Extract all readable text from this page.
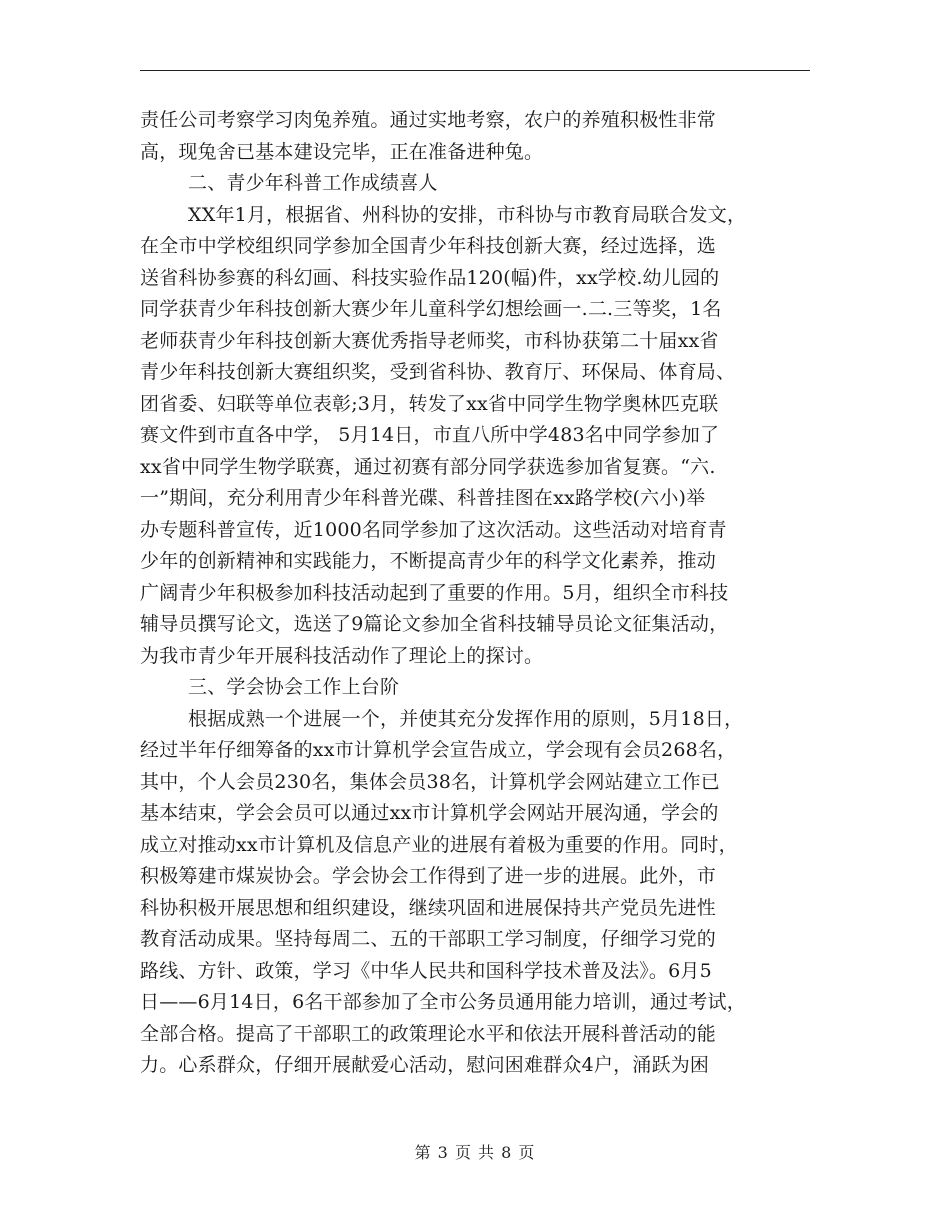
责任公司考察学习肉兔养殖。通过实地考察，农户的养殖积极性非常
高，现兔舍已基本建设完毕，正在准备进种兔。
二、青少年科普工作成绩喜人
XX年1月，根据省、州科协的安排，市科协与市教育局联合发文，
在全市中学校组织同学参加全国青少年科技创新大赛，经过选择，选
送省科协参赛的科幻画、科技实验作品120(幅)件，xx学校.幼儿园的
同学获青少年科技创新大赛少年儿童科学幻想绘画一.二.三等奖，1名
老师获青少年科技创新大赛优秀指导老师奖，市科协获第二十届xx省
青少年科技创新大赛组织奖，受到省科协、教育厅、环保局、体育局、
团省委、妇联等单位表彰;3月，转发了xx省中同学生物学奥林匹克联
赛文件到市直各中学， 5月14日，市直八所中学483名中同学参加了
xx省中同学生物学联赛，通过初赛有部分同学获选参加省复赛。“六.
一”期间，充分利用青少年科普光碟、科普挂图在xx路学校(六小)举
办专题科普宣传，近1000名同学参加了这次活动。这些活动对培育青
少年的创新精神和实践能力，不断提高青少年的科学文化素养，推动
广阔青少年积极参加科技活动起到了重要的作用。5月，组织全市科技
辅导员撰写论文，选送了9篇论文参加全省科技辅导员论文征集活动，
为我市青少年开展科技活动作了理论上的探讨。
三、学会协会工作上台阶
根据成熟一个进展一个，并使其充分发挥作用的原则，5月18日，
经过半年仔细筹备的xx市计算机学会宣告成立，学会现有会员268名，
其中，个人会员230名，集体会员38名，计算机学会网站建立工作已
基本结束，学会会员可以通过xx市计算机学会网站开展沟通，学会的
成立对推动xx市计算机及信息产业的进展有着极为重要的作用。同时，
积极筹建市煤炭协会。学会协会工作得到了进一步的进展。此外，市
科协积极开展思想和组织建设，继续巩固和进展保持共产党员先进性
教育活动成果。坚持每周二、五的干部职工学习制度，仔细学习党的
路线、方针、政策，学习《中华人民共和国科学技术普及法》。6月5
日——6月14日，6名干部参加了全市公务员通用能力培训，通过考试，
全部合格。提高了干部职工的政策理论水平和依法开展科普活动的能
力。心系群众，仔细开展献爱心活动，慰问困难群众4户，涌跃为困
第 3 页 共 8 页
